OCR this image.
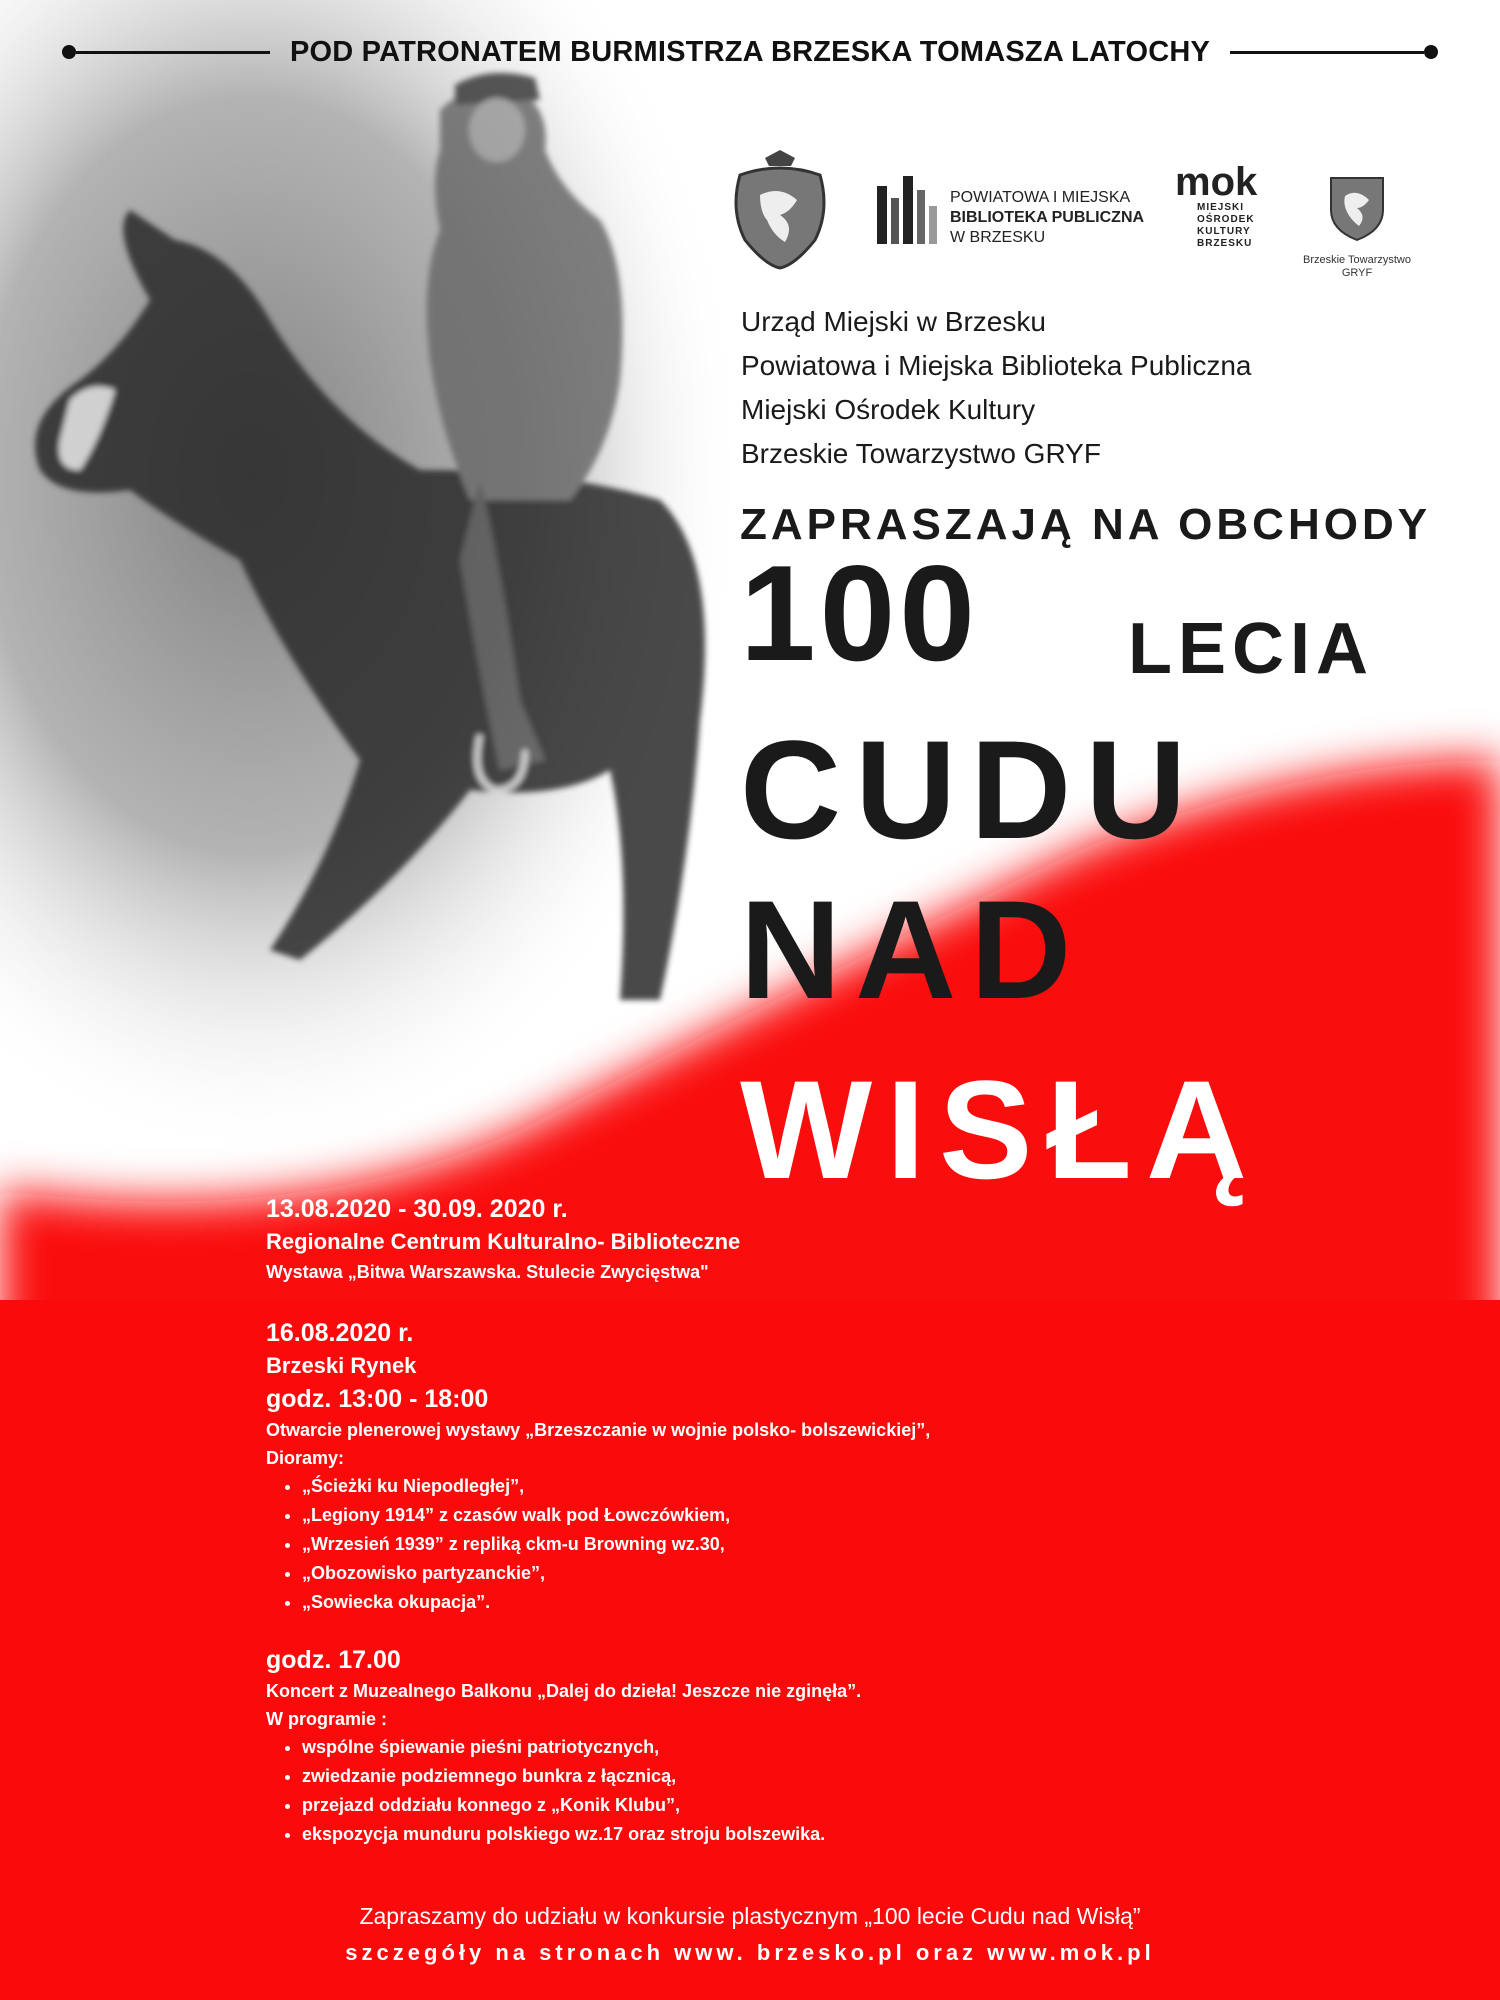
POD PATRONATEM BURMISTRZA BRZESKA TOMASZA LATOCHY
POWIATOWA I MIEJSKA
BIBLIOTEKA PUBLICZNA
W BRZESKU
mok
MIEJSKI
OŚRODEK
KULTURY
BRZESKU
Brzeskie Towarzystwo
GRYF
Urząd Miejski w Brzesku
Powiatowa i Miejska Biblioteka Publiczna
Miejski Ośrodek Kultury
Brzeskie Towarzystwo GRYF
ZAPRASZAJĄ NA OBCHODY
100 LECIA
CUDU
NAD
WISŁĄ
13.08.2020 - 30.09. 2020 r.
Regionalne Centrum Kulturalno- Biblioteczne
Wystawa „Bitwa Warszawska. Stulecie Zwycięstwa"
16.08.2020 r.
Brzeski Rynek
godz. 13:00 - 18:00
Otwarcie plenerowej wystawy „Brzeszczanie w wojnie polsko- bolszewickiej”,
Dioramy:
• „Ścieżki ku Niepodległej”,
• „Legiony 1914” z czasów walk pod Łowczówkiem,
• „Wrzesień 1939” z repliką ckm-u Browning wz.30,
• „Obozowisko partyzanckie”,
• „Sowiecka okupacja”.
godz. 17.00
Koncert z Muzealnego Balkonu „Dalej do dzieła! Jeszcze nie zginęła”.
W programie :
• wspólne śpiewanie pieśni patriotycznych,
• zwiedzanie podziemnego bunkra z łącznicą,
• przejazd oddziału konnego z „Konik Klubu”,
• ekspozycja munduru polskiego wz.17 oraz stroju bolszewika.
Zapraszamy do udziału w konkursie plastycznym „100 lecie Cudu nad Wisłą”
szczegóły na stronach www. brzesko.pl oraz www.mok.pl
